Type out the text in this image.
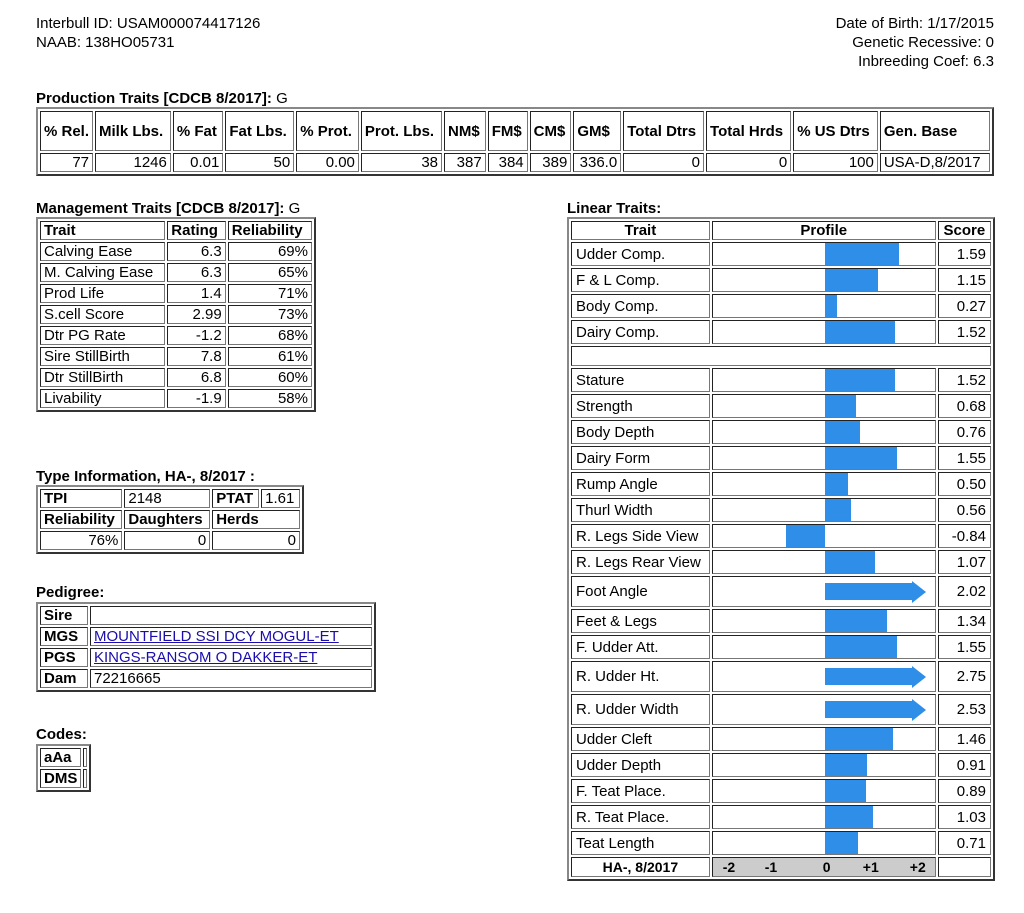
Interbull ID: USAM000074417126
NAAB: 138HO05731
Date of Birth: 1/17/2015
Genetic Recessive: 0
Inbreeding Coef: 6.3
Production Traits [CDCB 8/2017]: G
% Rel.	Milk Lbs.	% Fat	Fat Lbs.	% Prot.	Prot. Lbs.	NM$	FM$	CM$	GM$	Total Dtrs	Total Hrds	% US Dtrs	Gen. Base
77	1246	0.01	50	0.00	38	387	384	389	336.0	0	0	100	USA-D,8/2017
Management Traits [CDCB 8/2017]: G
Trait	Rating	Reliability
Calving Ease	6.3	69%
M. Calving Ease	6.3	65%
Prod Life	1.4	71%
S.cell Score	2.99	73%
Dtr PG Rate	-1.2	68%
Sire StillBirth	7.8	61%
Dtr StillBirth	6.8	60%
Livability	-1.9	58%
Type Information, HA-, 8/2017 :
TPI	2148	PTAT	1.61
Reliability	Daughters	Herds	
76%	0	0	
Pedigree:
Sire	
MGS	MOUNTFIELD SSI DCY MOGUL-ET
PGS	KINGS-RANSOM O DAKKER-ET
Dam	72216665
Codes:
aAa	
DMS	
Linear Traits:
Trait	Profile	Score
Udder Comp.		1.59
F & L Comp.		1.15
Body Comp.		0.27
Dairy Comp.		1.52

Stature		1.52
Strength		0.68
Body Depth		0.76
Dairy Form		1.55
Rump Angle		0.50
Thurl Width		0.56
R. Legs Side View		-0.84
R. Legs Rear View		1.07
Foot Angle		2.02
Feet & Legs		1.34
F. Udder Att.		1.55
R. Udder Ht.		2.75
R. Udder Width		2.53
Udder Cleft		1.46
Udder Depth		0.91
F. Teat Place.		0.89
R. Teat Place.		1.03
Teat Length		0.71
HA-, 8/2017	-2 -1 0 +1 +2	
